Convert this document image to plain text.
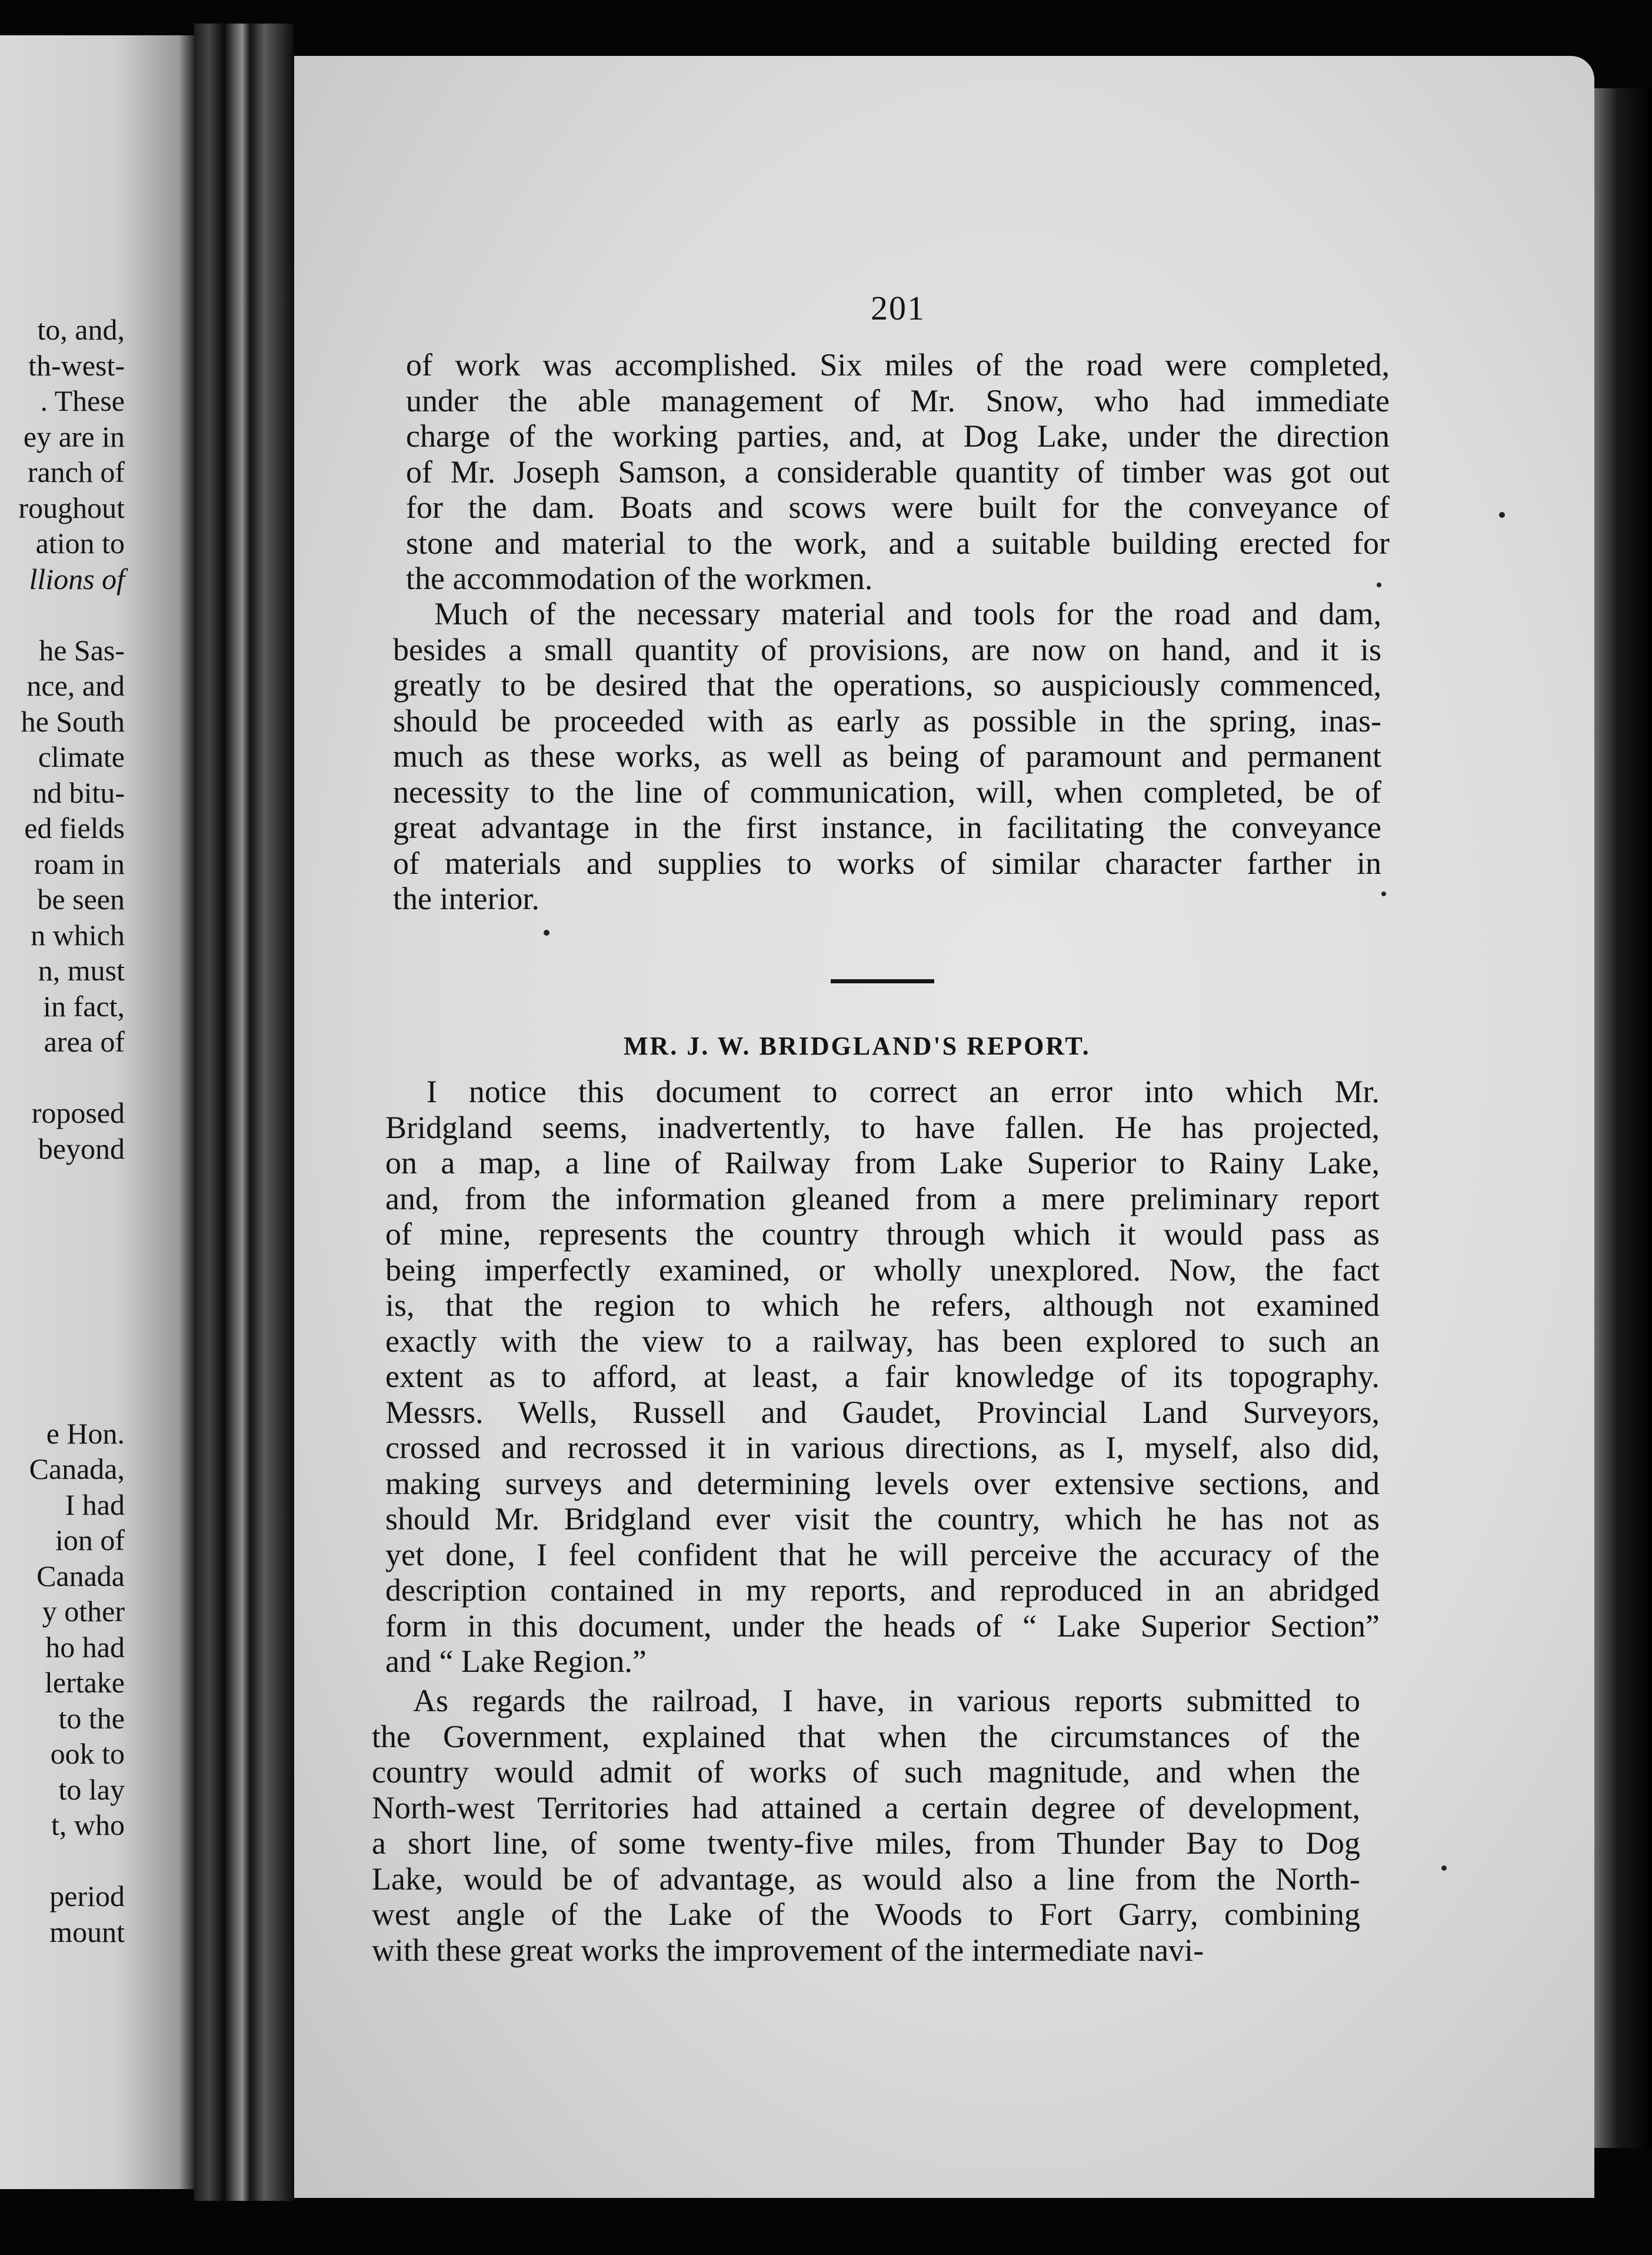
to, and,
th-west-
. These
ey are in
ranch of
roughout
ation to
llions of
he Sas-
nce, and
he South
climate
nd bitu-
ed fields
roam in
be seen
n which
n, must
in fact,
area of
roposed
beyond
e Hon.
Canada,
I had
ion of
Canada
y other
ho had
lertake
to the
ook to
to lay
t, who
period
mount
201
of work was accomplished. Six miles of the road were completed,
under the able management of Mr. Snow, who had immediate
charge of the working parties, and, at Dog Lake, under the direction
of Mr. Joseph Samson, a considerable quantity of timber was got out
for the dam. Boats and scows were built for the conveyance of
stone and material to the work, and a suitable building erected for
the accommodation of the workmen.
Much of the necessary material and tools for the road and dam,
besides a small quantity of provisions, are now on hand, and it is
greatly to be desired that the operations, so auspiciously commenced,
should be proceeded with as early as possible in the spring, inas-
much as these works, as well as being of paramount and permanent
necessity to the line of communication, will, when completed, be of
great advantage in the first instance, in facilitating the conveyance
of materials and supplies to works of similar character farther in
the interior.
MR. J. W. BRIDGLAND'S REPORT.
I notice this document to correct an error into which Mr.
Bridgland seems, inadvertently, to have fallen. He has projected,
on a map, a line of Railway from Lake Superior to Rainy Lake,
and, from the information gleaned from a mere preliminary report
of mine, represents the country through which it would pass as
being imperfectly examined, or wholly unexplored. Now, the fact
is, that the region to which he refers, although not examined
exactly with the view to a railway, has been explored to such an
extent as to afford, at least, a fair knowledge of its topography.
Messrs. Wells, Russell and Gaudet, Provincial Land Surveyors,
crossed and recrossed it in various directions, as I, myself, also did,
making surveys and determining levels over extensive sections, and
should Mr. Bridgland ever visit the country, which he has not as
yet done, I feel confident that he will perceive the accuracy of the
description contained in my reports, and reproduced in an abridged
form in this document, under the heads of “ Lake Superior Section”
and “ Lake Region.”
As regards the railroad, I have, in various reports submitted to
the Government, explained that when the circumstances of the
country would admit of works of such magnitude, and when the
North-west Territories had attained a certain degree of development,
a short line, of some twenty-five miles, from Thunder Bay to Dog
Lake, would be of advantage, as would also a line from the North-
west angle of the Lake of the Woods to Fort Garry, combining
with these great works the improvement of the intermediate navi-
